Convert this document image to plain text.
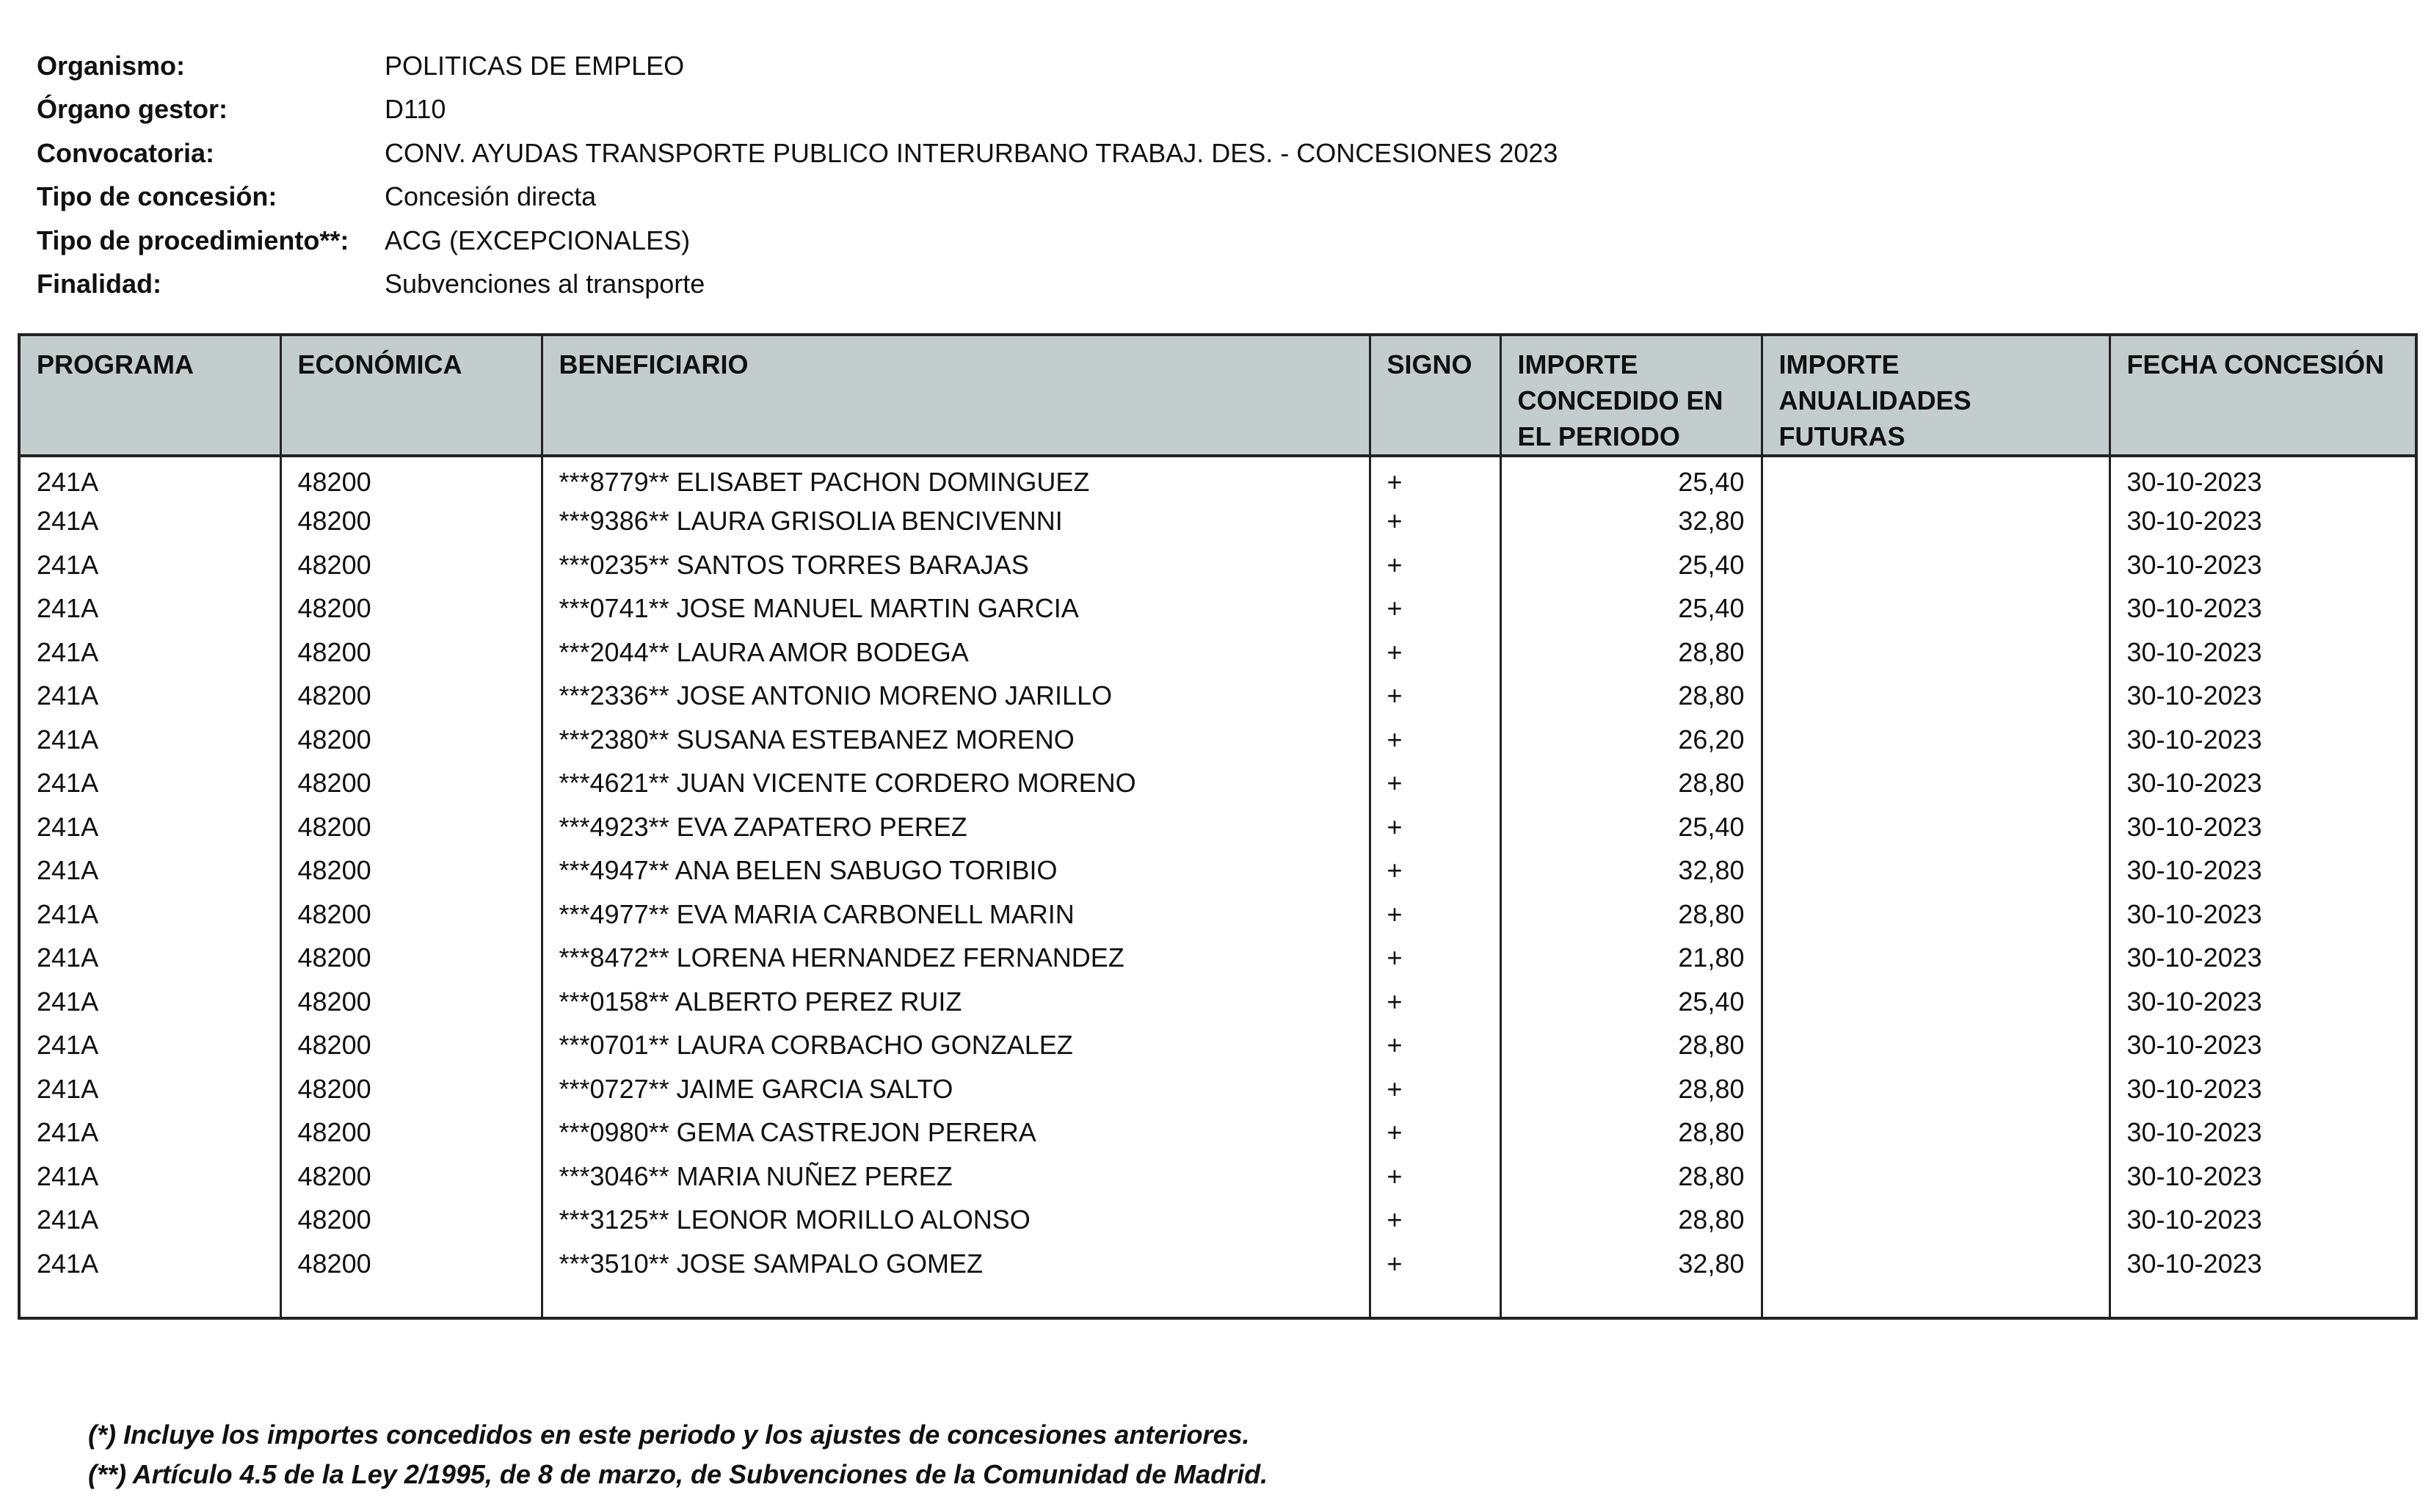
Organismo:	POLITICAS DE EMPLEO
Órgano gestor:	D110
Convocatoria:	CONV. AYUDAS TRANSPORTE PUBLICO INTERURBANO TRABAJ. DES. - CONCESIONES 2023
Tipo de concesión:	Concesión directa
Tipo de procedimiento**:	ACG (EXCEPCIONALES)
Finalidad:	Subvenciones al transporte
PROGRAMA	ECONÓMICA	BENEFICIARIO	SIGNO	IMPORTE CONCEDIDO EN EL PERIODO	IMPORTE ANUALIDADES FUTURAS	FECHA CONCESIÓN
241A	48200	***8779** ELISABET PACHON DOMINGUEZ	+	25,40		30-10-2023
241A	48200	***9386** LAURA GRISOLIA BENCIVENNI	+	32,80		30-10-2023
241A	48200	***0235** SANTOS TORRES BARAJAS	+	25,40		30-10-2023
241A	48200	***0741** JOSE MANUEL MARTIN GARCIA	+	25,40		30-10-2023
241A	48200	***2044** LAURA AMOR BODEGA	+	28,80		30-10-2023
241A	48200	***2336** JOSE ANTONIO MORENO JARILLO	+	28,80		30-10-2023
241A	48200	***2380** SUSANA ESTEBANEZ MORENO	+	26,20		30-10-2023
241A	48200	***4621** JUAN VICENTE CORDERO MORENO	+	28,80		30-10-2023
241A	48200	***4923** EVA ZAPATERO PEREZ	+	25,40		30-10-2023
241A	48200	***4947** ANA BELEN SABUGO TORIBIO	+	32,80		30-10-2023
241A	48200	***4977** EVA MARIA CARBONELL MARIN	+	28,80		30-10-2023
241A	48200	***8472** LORENA HERNANDEZ FERNANDEZ	+	21,80		30-10-2023
241A	48200	***0158** ALBERTO PEREZ RUIZ	+	25,40		30-10-2023
241A	48200	***0701** LAURA CORBACHO GONZALEZ	+	28,80		30-10-2023
241A	48200	***0727** JAIME GARCIA SALTO	+	28,80		30-10-2023
241A	48200	***0980** GEMA CASTREJON PERERA	+	28,80		30-10-2023
241A	48200	***3046** MARIA NUÑEZ PEREZ	+	28,80		30-10-2023
241A	48200	***3125** LEONOR MORILLO ALONSO	+	28,80		30-10-2023
241A	48200	***3510** JOSE SAMPALO GOMEZ	+	32,80		30-10-2023

(*) Incluye los importes concedidos en este periodo y los ajustes de concesiones anteriores.
(**) Artículo 4.5 de la Ley 2/1995, de 8 de marzo, de Subvenciones de la Comunidad de Madrid.
